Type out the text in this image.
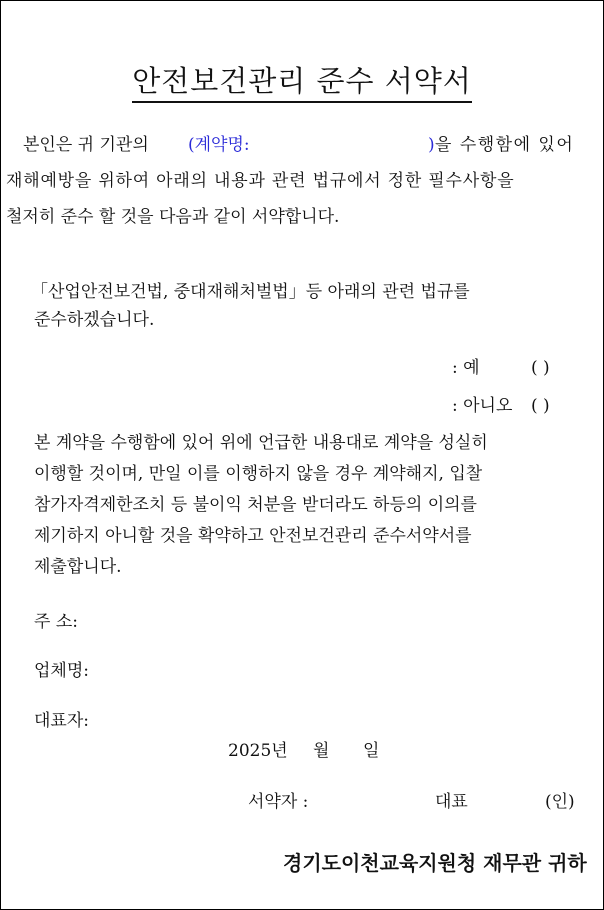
안전보건관리 준수 서약서
본인은 귀 기관의 (계약명:	) 을 수행함에 있어
재해예방을 위하여 아래의 내용과 관련 법규에서 정한 필수사항을
철저히 준수 할 것을 다음과 같이 서약합니다.
「산업안전보건법, 중대재해처벌법」등 아래의 관련 법규를
준수하겠습니다.
: 예	( )
: 아니오 ( )
본 계약을 수행함에 있어 위에 언급한 내용대로 계약을 성실히
이행할 것이며, 만일 이를 이행하지 않을 경우 계약해지, 입찰
참가자격제한조치 등 불이익 처분을 받더라도 하등의 이의를
제기하지 아니할 것을 확약하고 안전보건관리 준수서약서를
제출합니다.
주 소:
업체명:
대표자:
2025년 월 일
서약자 :	대표	(인)
경기도이천교육지원청 재무관 귀하
